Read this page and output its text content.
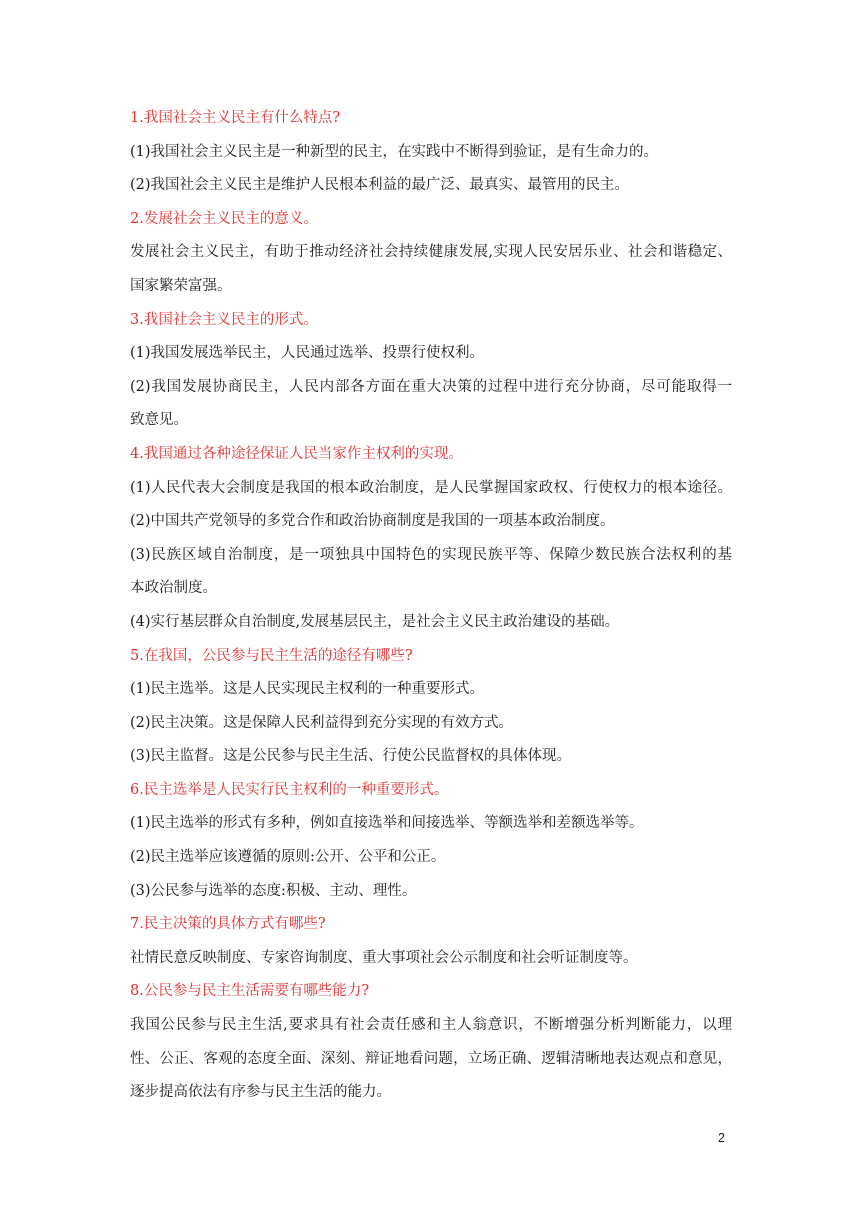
1.我国社会主义民主有什么特点?
(1)我国社会主义民主是一种新型的民主，在实践中不断得到验证，是有生命力的。
(2)我国社会主义民主是维护人民根本利益的最广泛、最真实、最管用的民主。
2.发展社会主义民主的意义。
发展社会主义民主，有助于推动经济社会持续健康发展,实现人民安居乐业、社会和谐稳定、
国家繁荣富强。
3.我国社会主义民主的形式。
(1)我国发展选举民主，人民通过选举、投票行使权利。
(2)我国发展协商民主，人民内部各方面在重大决策的过程中进行充分协商，尽可能取得一
致意见。
4.我国通过各种途径保证人民当家作主权利的实现。
(1)人民代表大会制度是我国的根本政治制度，是人民掌握国家政权、行使权力的根本途径。
(2)中国共产党领导的多党合作和政治协商制度是我国的一项基本政治制度。
(3)民族区域自治制度，是一项独具中国特色的实现民族平等、保障少数民族合法权利的基
本政治制度。
(4)实行基层群众自治制度,发展基层民主，是社会主义民主政治建设的基础。
5.在我国，公民参与民主生活的途径有哪些?
(1)民主选举。这是人民实现民主权利的一种重要形式。
(2)民主决策。这是保障人民利益得到充分实现的有效方式。
(3)民主监督。这是公民参与民主生活、行使公民监督权的具体体现。
6.民主选举是人民实行民主权利的一种重要形式。
(1)民主选举的形式有多种，例如直接选举和间接选举、等额选举和差额选举等。
(2)民主选举应该遵循的原则:公开、公平和公正。
(3)公民参与选举的态度:积极、主动、理性。
7.民主决策的具体方式有哪些?
社情民意反映制度、专家咨询制度、重大事项社会公示制度和社会听证制度等。
8.公民参与民主生活需要有哪些能力?
我国公民参与民主生活,要求具有社会责任感和主人翁意识，不断增强分析判断能力，以理
性、公正、客观的态度全面、深刻、辩证地看问题，立场正确、逻辑清晰地表达观点和意见，
逐步提高依法有序参与民主生活的能力。
2
